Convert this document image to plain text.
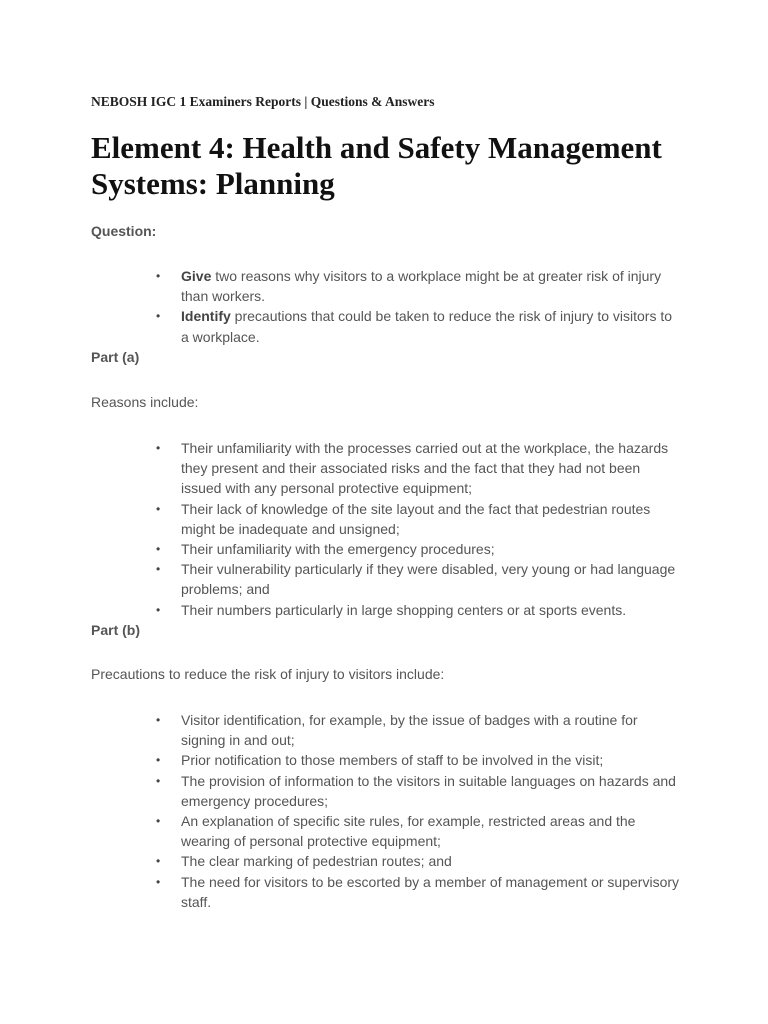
NEBOSH IGC 1 Examiners Reports | Questions & Answers
Element 4: Health and Safety Management Systems: Planning
Question:
• Give two reasons why visitors to a workplace might be at greater risk of injury than workers.
• Identify precautions that could be taken to reduce the risk of injury to visitors to a workplace.
Part (a)
Reasons include:
• Their unfamiliarity with the processes carried out at the workplace, the hazards they present and their associated risks and the fact that they had not been issued with any personal protective equipment;
• Their lack of knowledge of the site layout and the fact that pedestrian routes might be inadequate and unsigned;
• Their unfamiliarity with the emergency procedures;
• Their vulnerability particularly if they were disabled, very young or had language problems; and
• Their numbers particularly in large shopping centers or at sports events.
Part (b)
Precautions to reduce the risk of injury to visitors include:
• Visitor identification, for example, by the issue of badges with a routine for signing in and out;
• Prior notification to those members of staff to be involved in the visit;
• The provision of information to the visitors in suitable languages on hazards and emergency procedures;
• An explanation of specific site rules, for example, restricted areas and the wearing of personal protective equipment;
• The clear marking of pedestrian routes; and
• The need for visitors to be escorted by a member of management or supervisory staff.
